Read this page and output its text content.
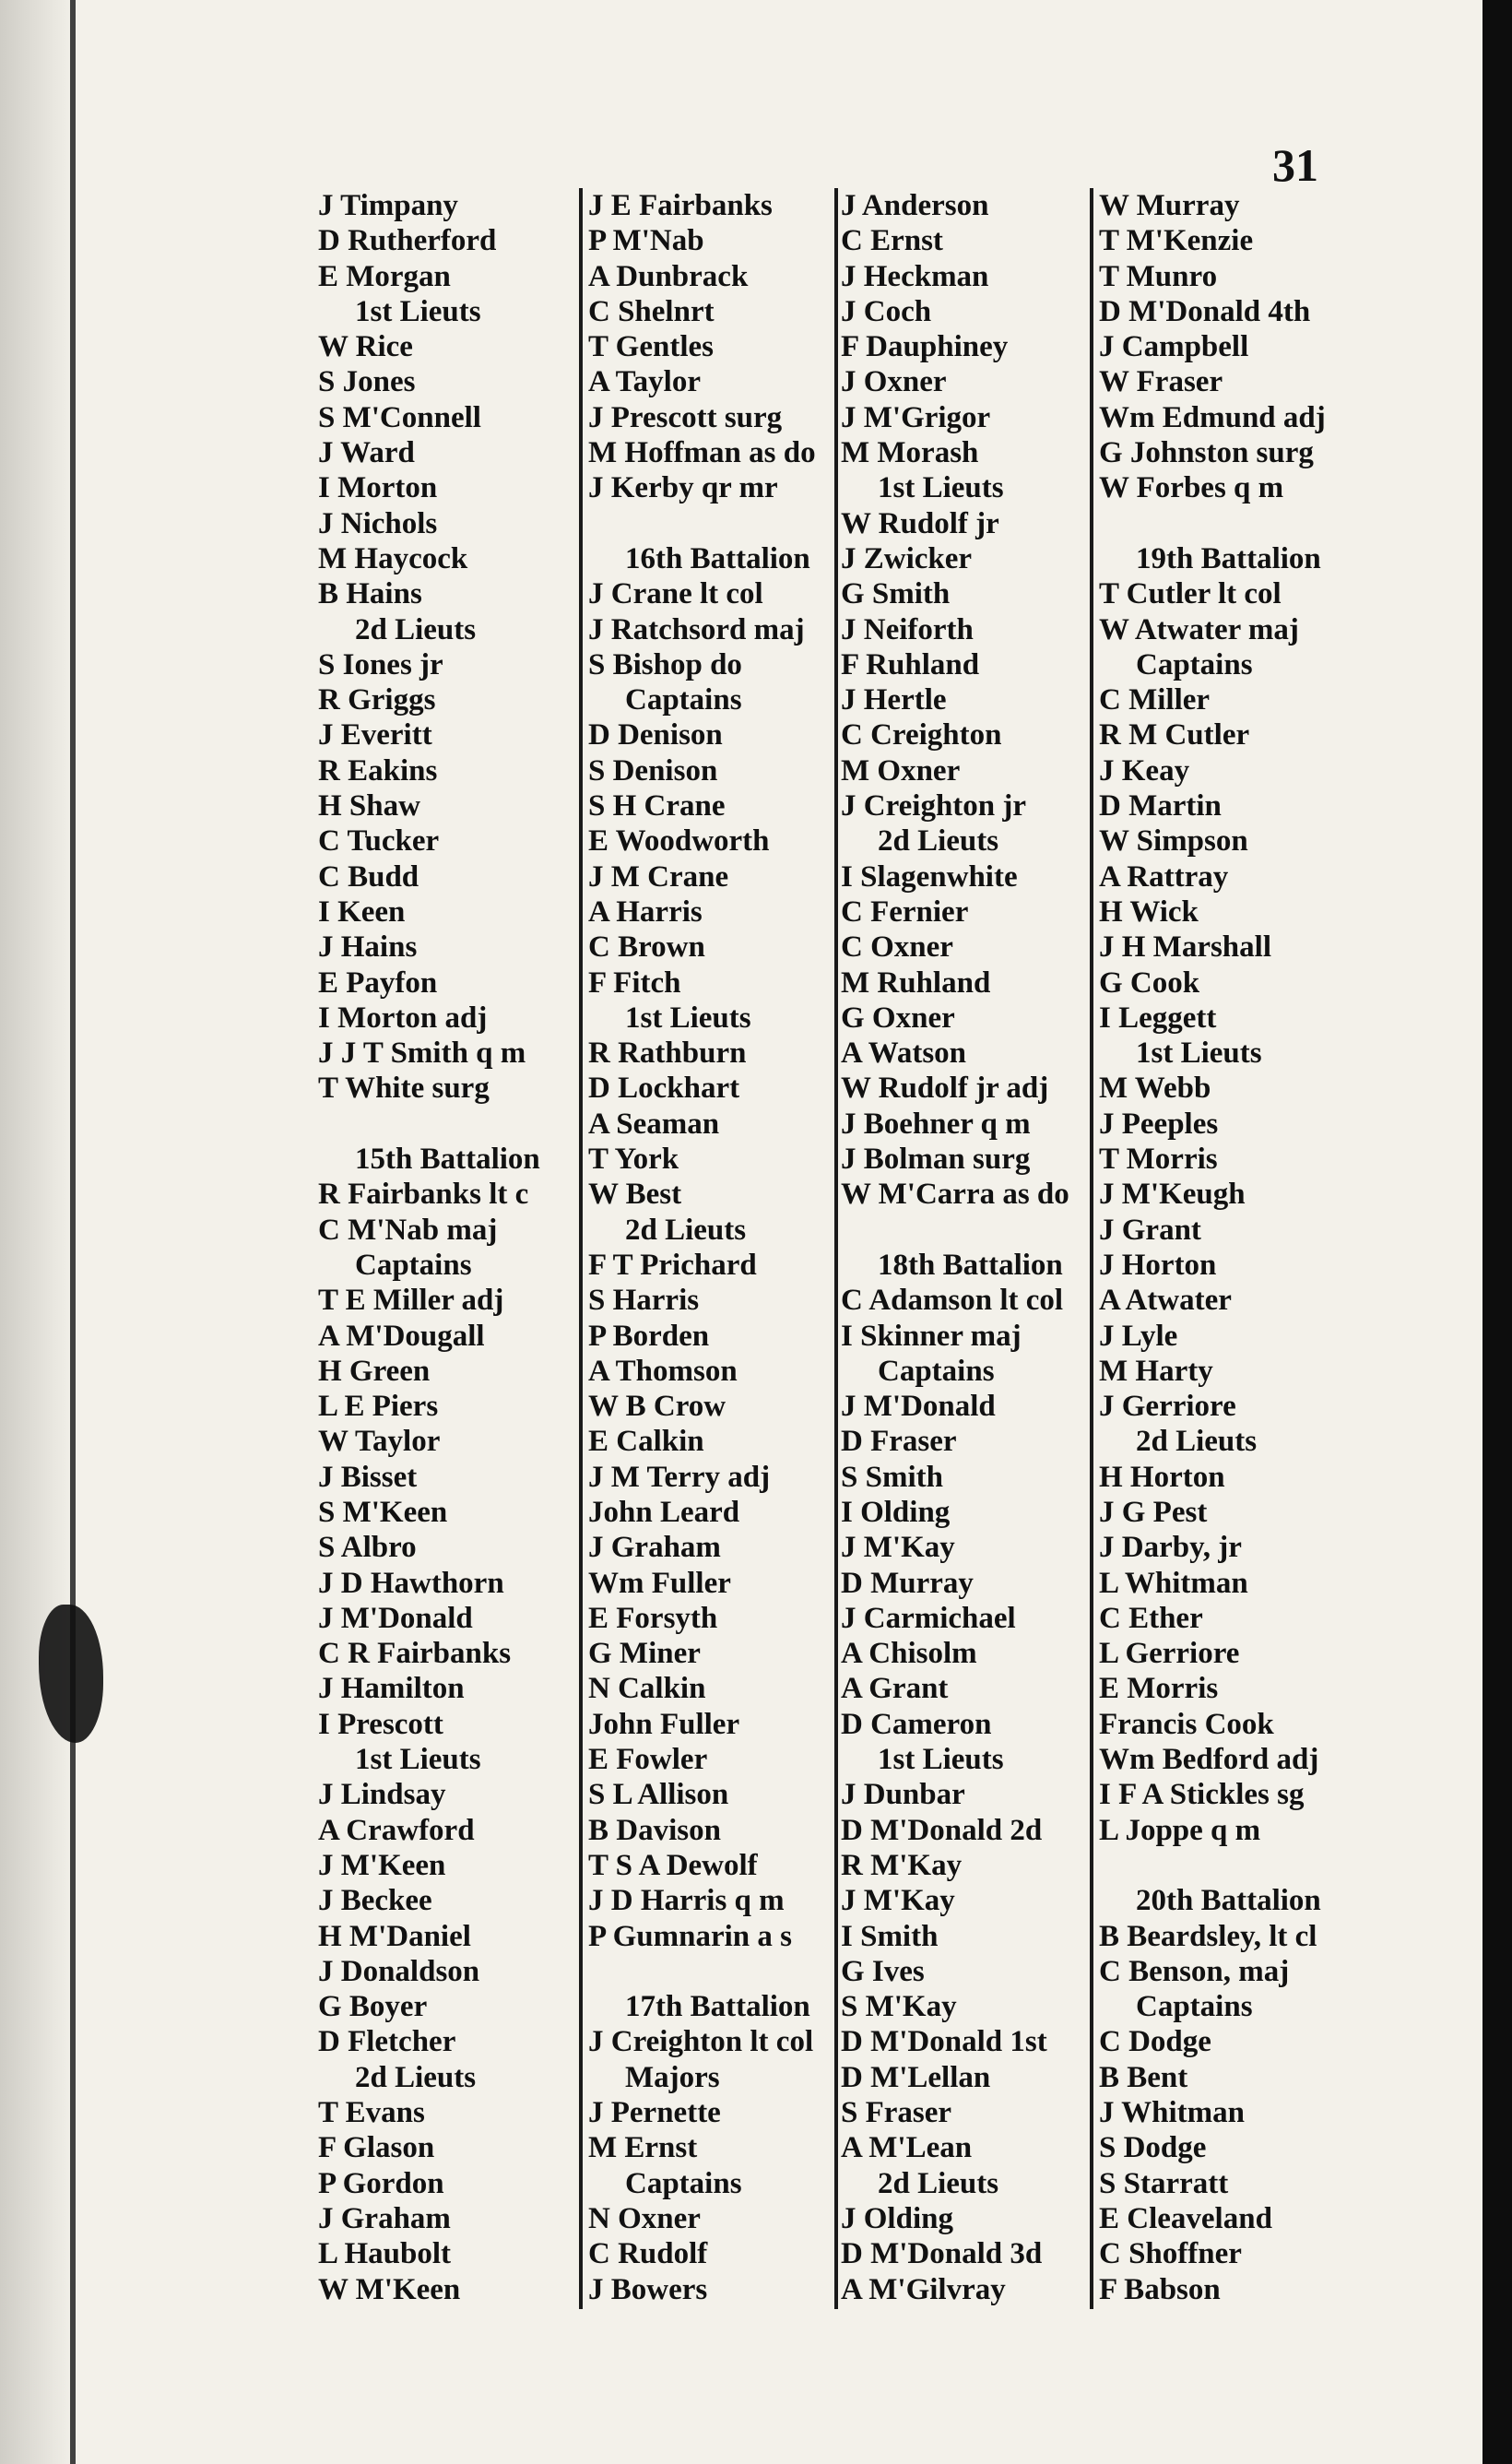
31
J Timpany
D Rutherford
E Morgan
1st Lieuts
W Rice
S Jones
S M'Connell
J Ward
I Morton
J Nichols
M Haycock
B Hains
2d Lieuts
S Iones jr
R Griggs
J Everitt
R Eakins
H Shaw
C Tucker
C Budd
I Keen
J Hains
E Payfon
I Morton adj
J J T Smith q m
T White surg
15th Battalion
R Fairbanks lt c
C M'Nab maj
Captains
T E Miller adj
A M'Dougall
H Green
L E Piers
W Taylor
J Bisset
S M'Keen
S Albro
J D Hawthorn
J M'Donald
C R Fairbanks
J Hamilton
I Prescott
1st Lieuts
J Lindsay
A Crawford
J M'Keen
J Beckee
H M'Daniel
J Donaldson
G Boyer
D Fletcher
2d Lieuts
T Evans
F Glason
P Gordon
J Graham
L Haubolt
W M'Keen
J E Fairbanks
P M'Nab
A Dunbrack
C Shelnrt
T Gentles
A Taylor
J Prescott surg
M Hoffman as do
J Kerby qr mr
16th Battalion
J Crane lt col
J Ratchsord maj
S Bishop do
Captains
D Denison
S Denison
S H Crane
E Woodworth
J M Crane
A Harris
C Brown
F Fitch
1st Lieuts
R Rathburn
D Lockhart
A Seaman
T York
W Best
2d Lieuts
F T Prichard
S Harris
P Borden
A Thomson
W B Crow
E Calkin
J M Terry adj
John Leard
J Graham
Wm Fuller
E Forsyth
G Miner
N Calkin
John Fuller
E Fowler
S L Allison
B Davison
T S A Dewolf
J D Harris q m
P Gumnarin a s
17th Battalion
J Creighton lt col
Majors
J Pernette
M Ernst
Captains
N Oxner
C Rudolf
J Bowers
J Anderson
C Ernst
J Heckman
J Coch
F Dauphiney
J Oxner
J M'Grigor
M Morash
1st Lieuts
W Rudolf jr
J Zwicker
G Smith
J Neiforth
F Ruhland
J Hertle
C Creighton
M Oxner
J Creighton jr
2d Lieuts
I Slagenwhite
C Fernier
C Oxner
M Ruhland
G Oxner
A Watson
W Rudolf jr adj
J Boehner q m
J Bolman surg
W M'Carra as do
18th Battalion
C Adamson lt col
I Skinner maj
Captains
J M'Donald
D Fraser
S Smith
I Olding
J M'Kay
D Murray
J Carmichael
A Chisolm
A Grant
D Cameron
1st Lieuts
J Dunbar
D M'Donald 2d
R M'Kay
J M'Kay
I Smith
G Ives
S M'Kay
D M'Donald 1st
D M'Lellan
S Fraser
A M'Lean
2d Lieuts
J Olding
D M'Donald 3d
A M'Gilvray
W Murray
T M'Kenzie
T Munro
D M'Donald 4th
J Campbell
W Fraser
Wm Edmund adj
G Johnston surg
W Forbes q m
19th Battalion
T Cutler lt col
W Atwater maj
Captains
C Miller
R M Cutler
J Keay
D Martin
W Simpson
A Rattray
H Wick
J H Marshall
G Cook
I Leggett
1st Lieuts
M Webb
J Peeples
T Morris
J M'Keugh
J Grant
J Horton
A Atwater
J Lyle
M Harty
J Gerriore
2d Lieuts
H Horton
J G Pest
J Darby, jr
L Whitman
C Ether
L Gerriore
E Morris
Francis Cook
Wm Bedford adj
I F A Stickles sg
L Joppe q m
20th Battalion
B Beardsley, lt cl
C Benson, maj
Captains
C Dodge
B Bent
J Whitman
S Dodge
S Starratt
E Cleaveland
C Shoffner
F Babson
